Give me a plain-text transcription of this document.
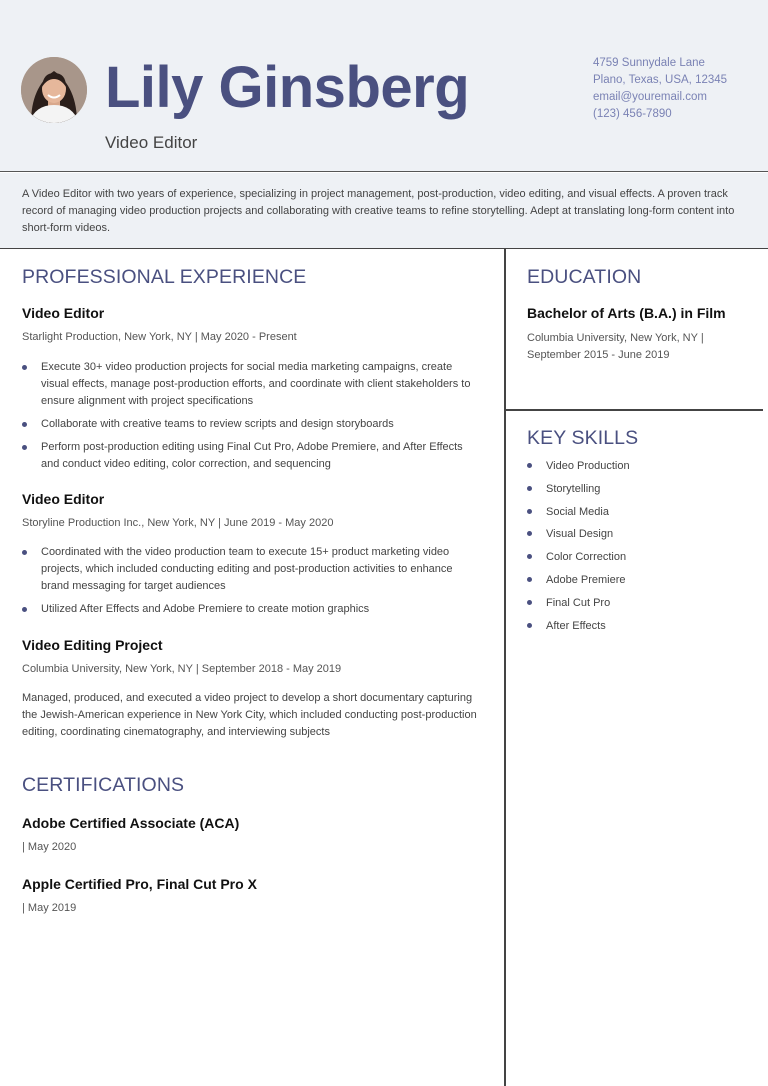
Lily Ginsberg
Video Editor
4759 Sunnydale Lane
Plano, Texas, USA, 12345
email@youremail.com
(123) 456-7890
A Video Editor with two years of experience, specializing in project management, post-production, video editing, and visual effects. A proven track record of managing video production projects and collaborating with creative teams to refine storytelling. Adept at translating long-form content into short-form videos.
PROFESSIONAL EXPERIENCE
Video Editor
Starlight Production, New York, NY | May 2020 - Present
Execute 30+ video production projects for social media marketing campaigns, create visual effects, manage post-production efforts, and coordinate with client stakeholders to ensure alignment with project specifications
Collaborate with creative teams to review scripts and design storyboards
Perform post-production editing using Final Cut Pro, Adobe Premiere, and After Effects and conduct video editing, color correction, and sequencing
Video Editor
Storyline Production Inc., New York, NY | June 2019 - May 2020
Coordinated with the video production team to execute 15+ product marketing video projects, which included conducting editing and post-production activities to enhance brand messaging for target audiences
Utilized After Effects and Adobe Premiere to create motion graphics
Video Editing Project
Columbia University, New York, NY | September 2018 - May 2019
Managed, produced, and executed a video project to develop a short documentary capturing the Jewish-American experience in New York City, which included conducting post-production editing, coordinating cinematography, and interviewing subjects
CERTIFICATIONS
Adobe Certified Associate (ACA)
| May 2020
Apple Certified Pro, Final Cut Pro X
| May 2019
EDUCATION
Bachelor of Arts (B.A.) in Film
Columbia University, New York, NY | September 2015 - June 2019
KEY SKILLS
Video Production
Storytelling
Social Media
Visual Design
Color Correction
Adobe Premiere
Final Cut Pro
After Effects
